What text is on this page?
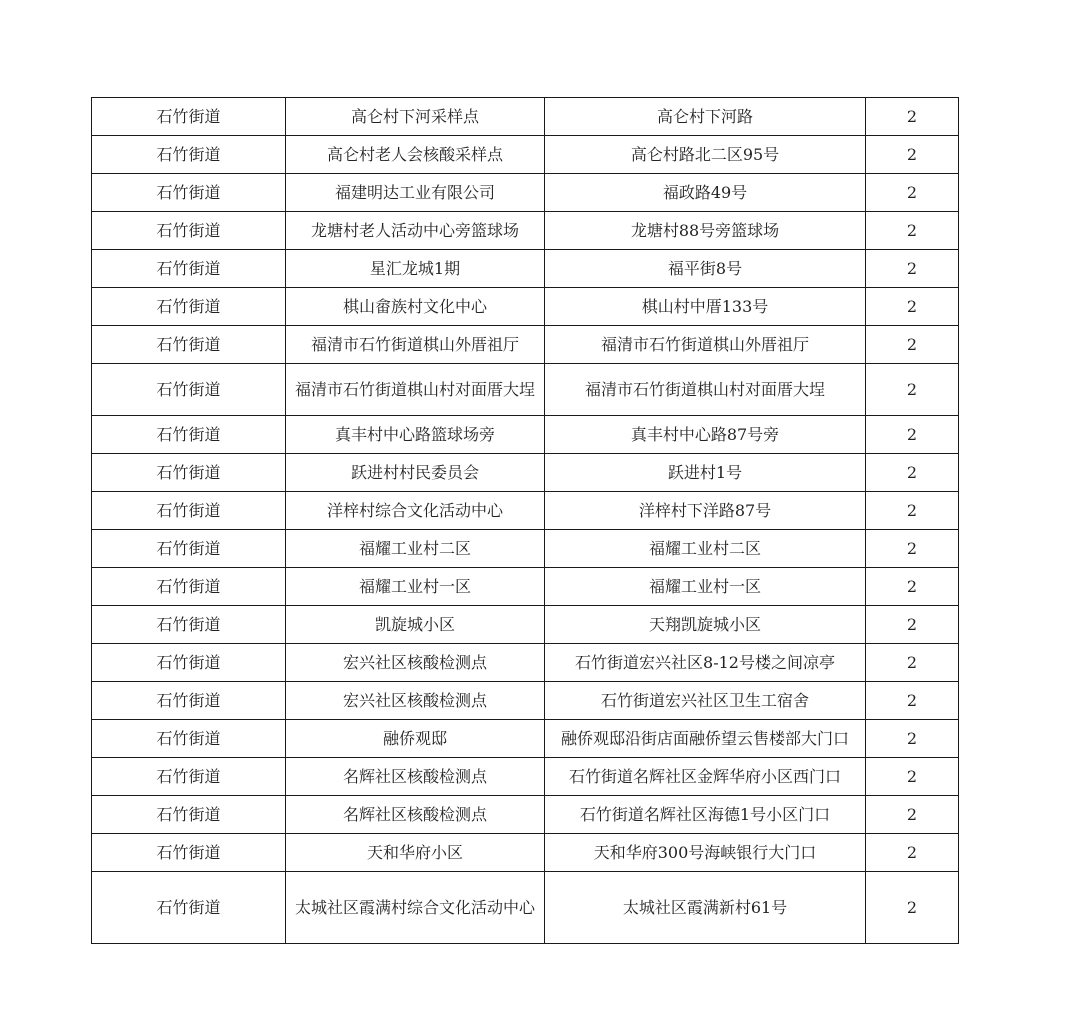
石竹街道	高仑村下河采样点	高仑村下河路	2
石竹街道	高仑村老人会核酸采样点	高仑村路北二区95号	2
石竹街道	福建明达工业有限公司	福政路49号	2
石竹街道	龙塘村老人活动中心旁篮球场	龙塘村88号旁篮球场	2
石竹街道	星汇龙城1期	福平街8号	2
石竹街道	棋山畲族村文化中心	棋山村中厝133号	2
石竹街道	福清市石竹街道棋山外厝祖厅	福清市石竹街道棋山外厝祖厅	2
石竹街道	福清市石竹街道棋山村对面厝大埕	福清市石竹街道棋山村对面厝大埕	2
石竹街道	真丰村中心路篮球场旁	真丰村中心路87号旁	2
石竹街道	跃进村村民委员会	跃进村1号	2
石竹街道	洋梓村综合文化活动中心	洋梓村下洋路87号	2
石竹街道	福耀工业村二区	福耀工业村二区	2
石竹街道	福耀工业村一区	福耀工业村一区	2
石竹街道	凯旋城小区	天翔凯旋城小区	2
石竹街道	宏兴社区核酸检测点	石竹街道宏兴社区8-12号楼之间凉亭	2
石竹街道	宏兴社区核酸检测点	石竹街道宏兴社区卫生工宿舍	2
石竹街道	融侨观邸	融侨观邸沿街店面融侨望云售楼部大门口	2
石竹街道	名辉社区核酸检测点	石竹街道名辉社区金辉华府小区西门口	2
石竹街道	名辉社区核酸检测点	石竹街道名辉社区海德1号小区门口	2
石竹街道	天和华府小区	天和华府300号海峡银行大门口	2
石竹街道	太城社区霞满村综合文化活动中心	太城社区霞满新村61号	2
